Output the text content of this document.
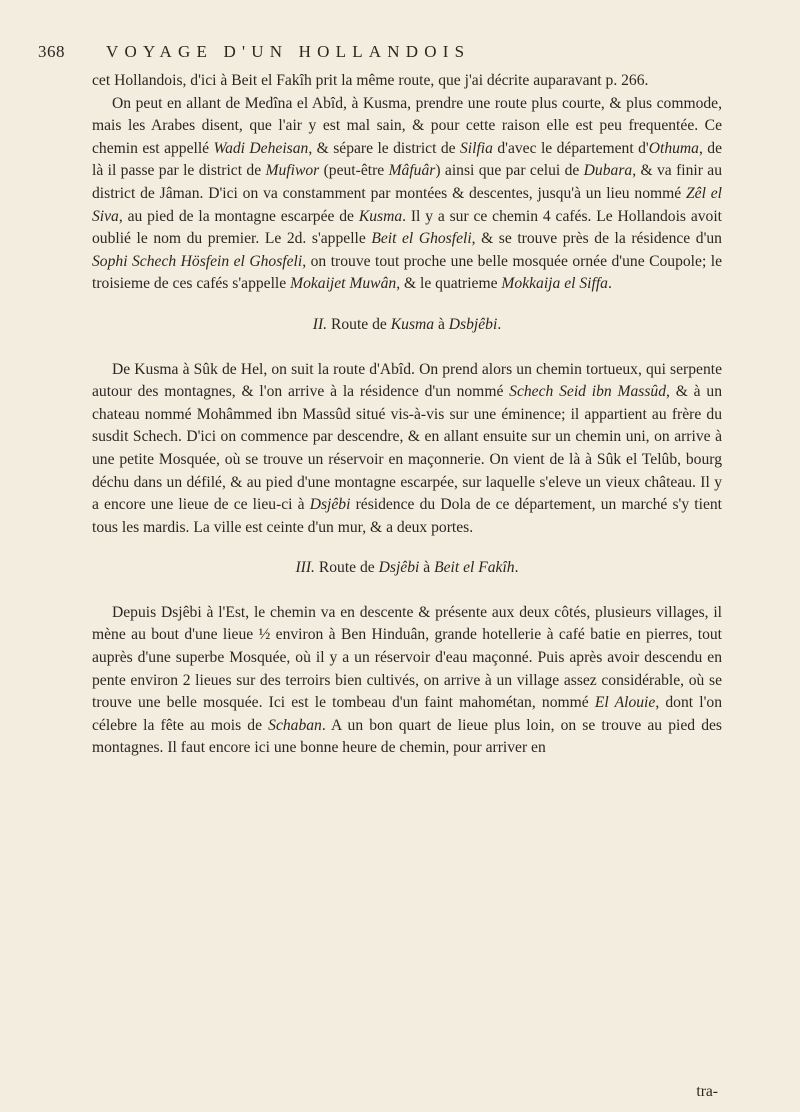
368 VOYAGE D'UN HOLLANDOIS

cet Hollandois, d'ici à Beit el Fakîh prit la même route, que j'ai décrite auparavant p. 266.

On peut en allant de Medîna el Abîd, à Kusma, prendre une route plus courte, & plus commode, mais les Arabes disent, que l'air y est mal sain, & pour cette raison elle est peu frequentée. Ce chemin est appellé Wadi Deheisan, & sépare le district de Silfia d'avec le département d'Othuma, de là il passe par le district de Mufiwor (peut-être Mâfuâr) ainsi que par celui de Dubara, & va finir au district de Jâman. D'ici on va constamment par montées & descentes, jusqu'à un lieu nommé Zêl el Siva, au pied de la montagne escarpée de Kusma. Il y a sur ce chemin 4 cafés. Le Hollandois avoit oublié le nom du premier. Le 2d. s'appelle Beit el Ghosfeli, & se trouve près de la résidence d'un Sophi Schech Hösfein el Ghosfeli, on trouve tout proche une belle mosquée ornée d'une Coupole; le troisieme de ces cafés s'appelle Mokaijet Muwân, & le quatrieme Mokkaija el Siffa.

II. Route de Kusma à Dsbjêbi.

De Kusma à Sûk de Hel, on suit la route d'Abîd. On prend alors un chemin tortueux, qui serpente autour des montagnes, & l'on arrive à la résidence d'un nommé Schech Seid ibn Massûd, & à un chateau nommé Mohâmmed ibn Massûd situé vis-à-vis sur une éminence; il appartient au frère du susdit Schech. D'ici on commence par descendre, & en allant ensuite sur un chemin uni, on arrive à une petite Mosquée, où se trouve un réservoir en maçonnerie. On vient de là à Sûk el Telûb, bourg déchu dans un défilé, & au pied d'une montagne escarpée, sur laquelle s'eleve un vieux château. Il y a encore une lieue de ce lieu-ci à Dsjêbi résidence du Dola de ce département, un marché s'y tient tous les mardis. La ville est ceinte d'un mur, & a deux portes.

III. Route de Dsjêbi à Beit el Fakîh.

Depuis Dsjêbi à l'Est, le chemin va en descente & présente aux deux côtés, plusieurs villages, il mène au bout d'une lieue ½ environ à Ben Hinduân, grande hotellerie à café batie en pierres, tout auprès d'une superbe Mosquée, où il y a un réservoir d'eau maçonné. Puis après avoir descendu en pente environ 2 lieues sur des terroirs bien cultivés, on arrive à un village assez considérable, où se trouve une belle mosquée. Ici est le tombeau d'un faint mahométan, nommé El Alouie, dont l'on célebre la fête au mois de Schaban. A un bon quart de lieue plus loin, on se trouve au pied des montagnes. Il faut encore ici une bonne heure de chemin, pour arriver en

tra-
